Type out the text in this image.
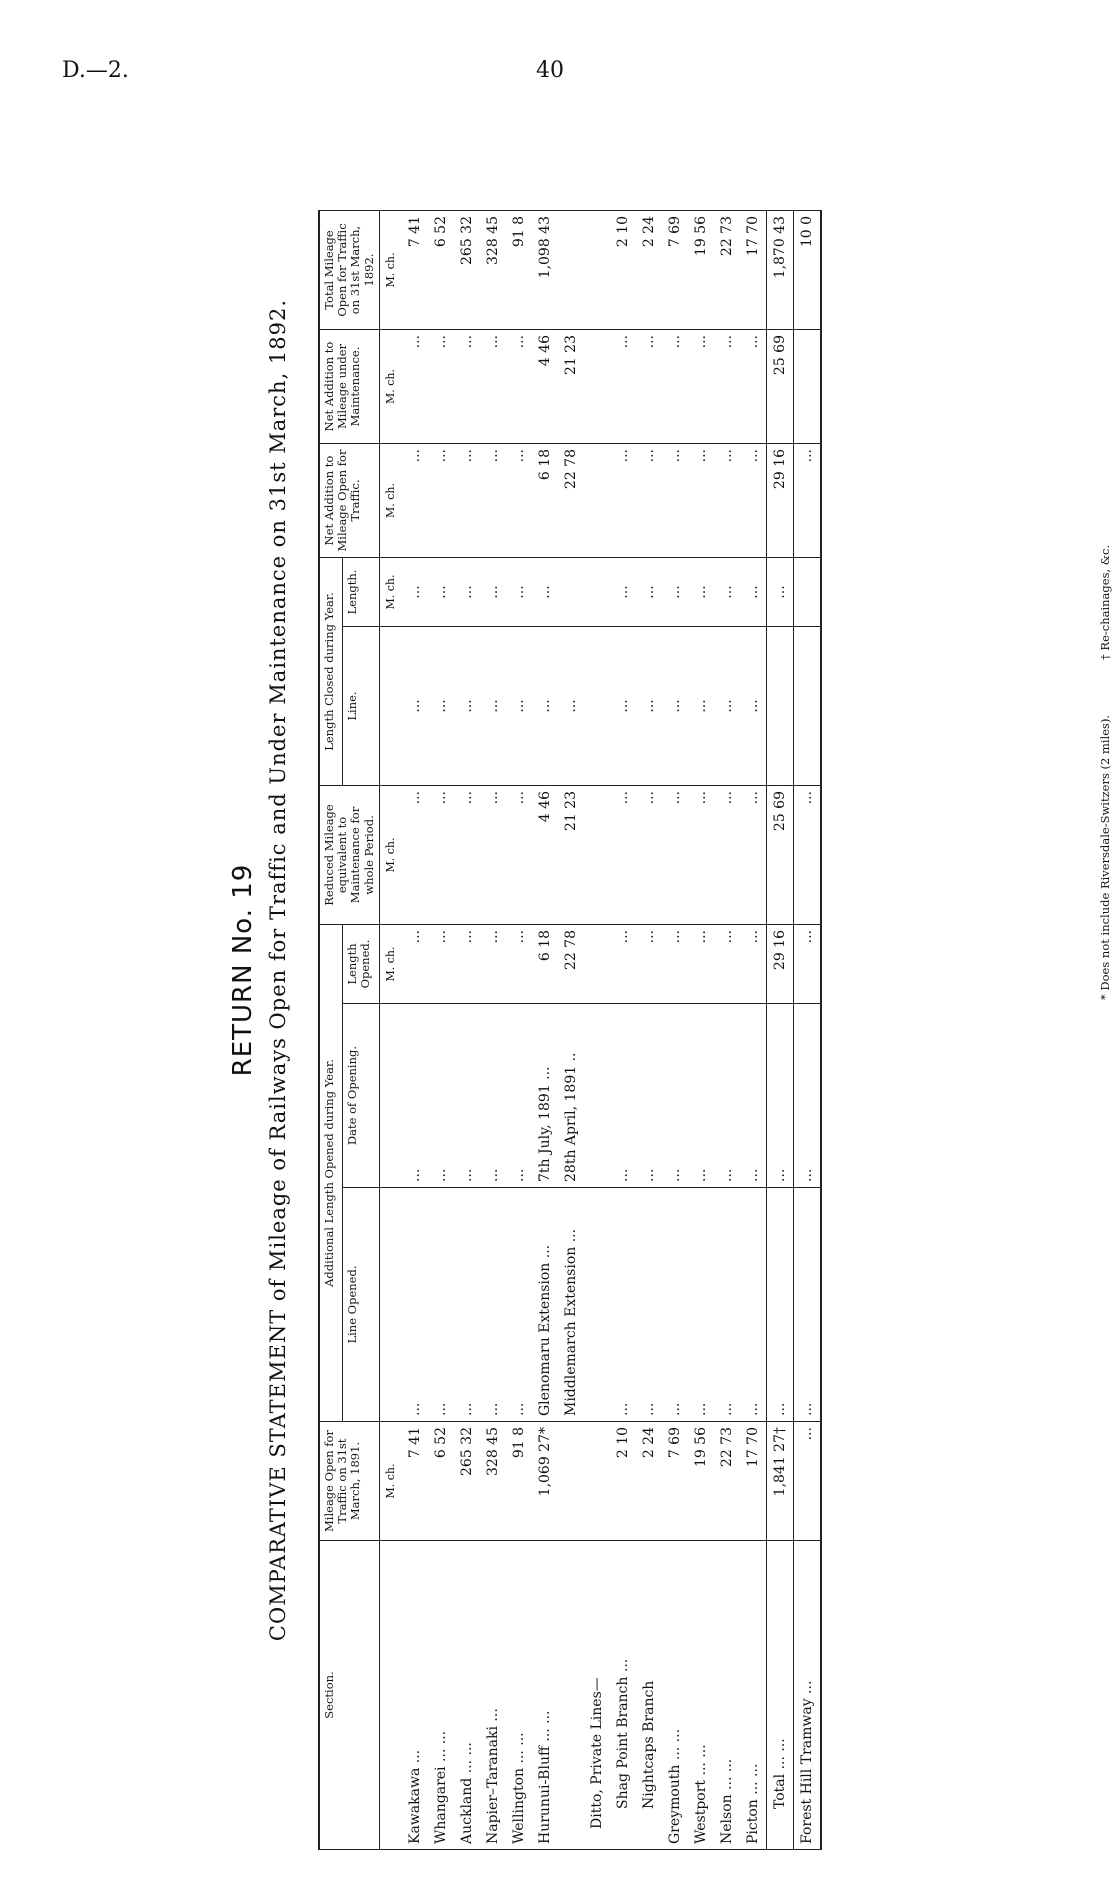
D.—2.	40
RETURN No. 19 COMPARATIVE STATEMENT of Mileage of Railways Open for Traffic and Under Maintenance on 31st March, 1892.
Section.	Mileage Open for Traffic on 31st March, 1891.	Additional Length Opened during Year.			Reduced Mileage equivalent to Maintenance for whole Period.	Length Closed during Year.		Net Addition to Mileage Open for Traffic.	Net Addition to Mileage under Maintenance.	Total Mileage Open for Traffic on 31st March, 1892.
		Line Opened.	Date of Opening.	Length Opened.		Line.	Length.			
	M. ch.			M. ch.	M. ch.		M. ch.	M. ch.	M. ch.	M. ch.
Kawakawa ...	7 41	...	...	...	...	...	...	...	...	7 41
Whangarei ... ...	6 52	...	...	...	...	...	...	...	...	6 52
Auckland ... ...	265 32	...	...	...	...	...	...	...	...	265 32
Napier–Taranaki ...	328 45	...	...	...	...	...	...	...	...	328 45
Wellington ... ...	91 8	...	...	...	...	...	...	...	...	91 8
Hurunui-Bluff ... ...	1,069 27*	Glenomaru Extension ...	7th July, 1891 ...	6 18	4 46	...	...	6 18	4 46	1,098 43
		Middlemarch Extension ...	28th April, 1891 ..	22 78	21 23	...		22 78	21 23	
Ditto, Private Lines—										
Shag Point Branch ...	2 10	...	...	...	...	...	...	...	...	2 10
Nightcaps Branch	2 24	...	...	...	...	...	...	...	...	2 24
Greymouth ... ...	7 69	...	...	...	...	...	...	...	...	7 69
Westport ... ...	19 56	...	...	...	...	...	...	...	...	19 56
Nelson ... ...	22 73	...	...	...	...	...	...	...	...	22 73
Picton ... ...	17 70	...	...	...	...	...	...	...	...	17 70
Total ... ...	1,841 27†	...	...	29 16	25 69		...	29 16	25 69	1,870 43
Forest Hill Tramway ...	...	...	...	...	...			...		10 0
* Does not include Riversdale-Switzers (2 miles).
† Re-chainages, &c.
